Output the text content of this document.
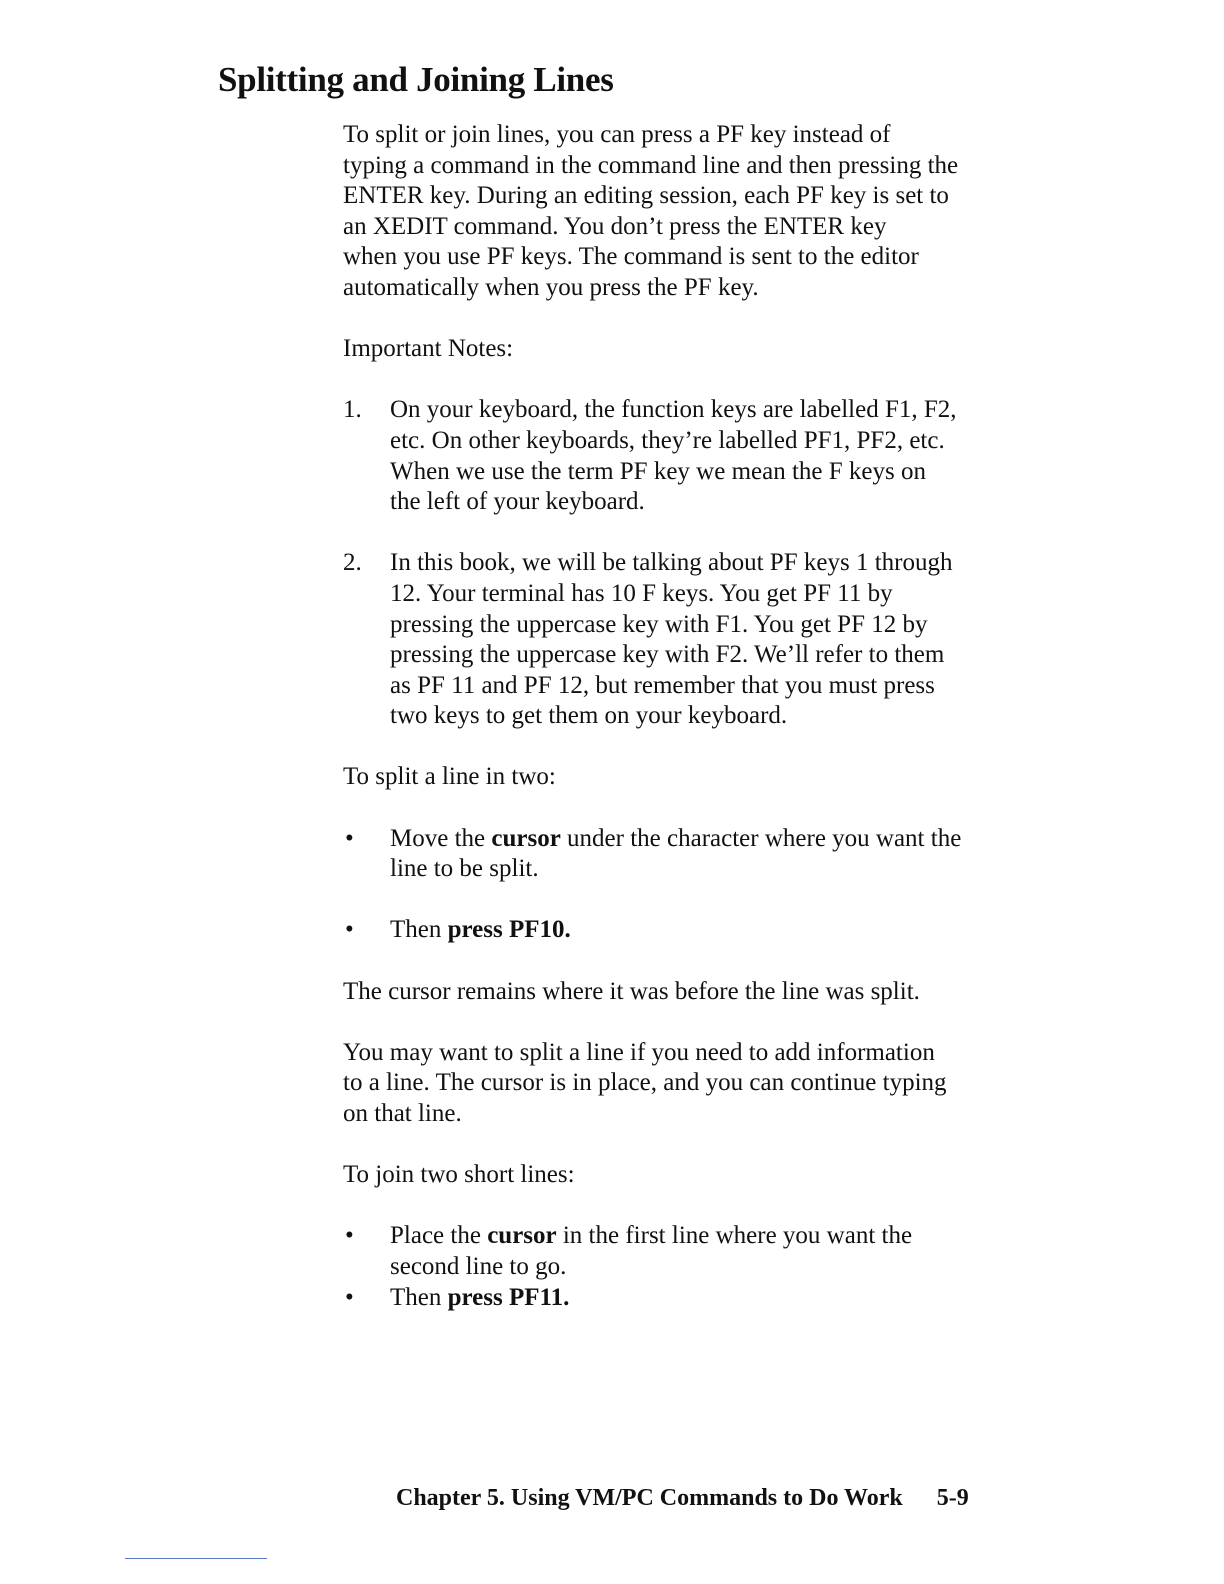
Splitting and Joining Lines

To split or join lines, you can press a PF key instead of

typing a command in the command line and then pressing the

ENTER key. During an editing session, each PF key is set to

an XEDIT command. You don’t press the ENTER key

when you use PF keys. The command is sent to the editor

automatically when you press the PF key.

Important Notes:

1. On your keyboard, the function keys are labelled F1, F2,

etc. On other keyboards, they’re labelled PF1, PF2, etc.

When we use the term PF key we mean the F keys on

the left of your keyboard.

2. In this book, we will be talking about PF keys 1 through

12. Your terminal has 10 F keys. You get PF 11 by

pressing the uppercase key with F1. You get PF 12 by

pressing the uppercase key with F2. We’ll refer to them

as PF 11 and PF 12, but remember that you must press

two keys to get them on your keyboard.

To split a line in two:

• Move the cursor under the character where you want the

line to be split.

• Then press PF10.

The cursor remains where it was before the line was split.

You may want to split a line if you need to add information

to a line. The cursor is in place, and you can continue typing

on that line.

To join two short lines:

• Place the cursor in the first line where you want the

second line to go.

• Then press PF11.

Chapter 5. Using VM/PC Commands to Do Work 5-9
